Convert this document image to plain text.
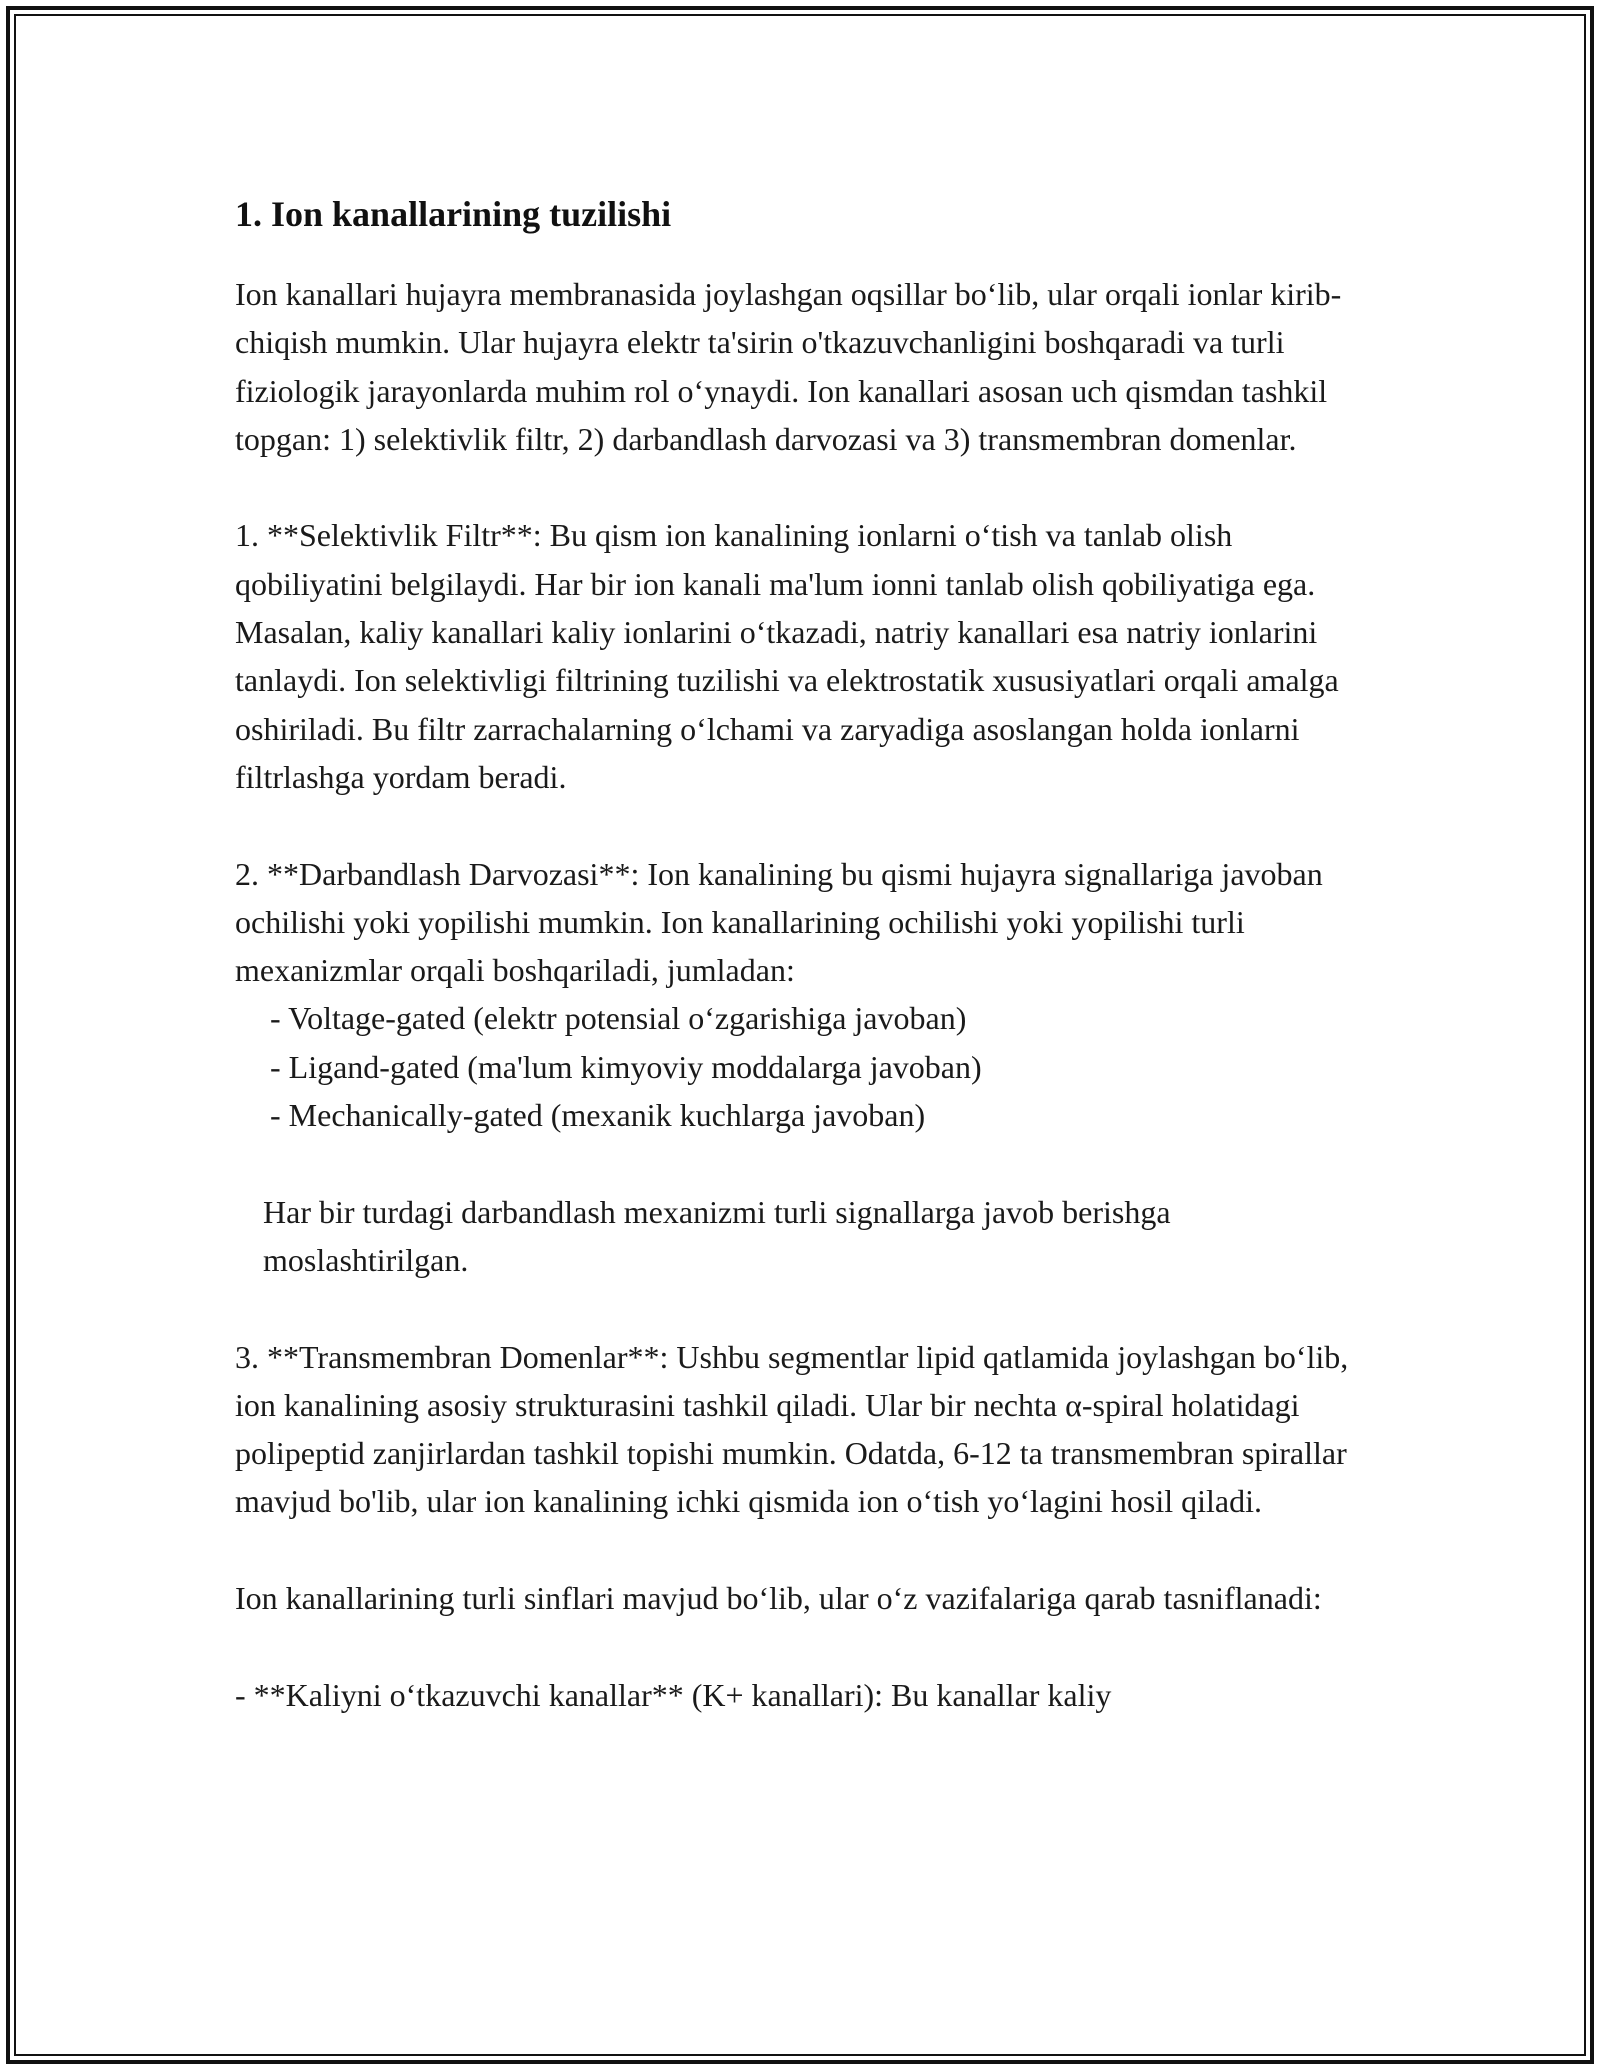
1. Ion kanallarining tuzilishi

Ion kanallari hujayra membranasida joylashgan oqsillar bo‘lib, ular orqali ionlar kirib-chiqish mumkin. Ular hujayra elektr ta'sirin o'tkazuvchanligini boshqaradi va turli fiziologik jarayonlarda muhim rol o‘ynaydi. Ion kanallari asosan uch qismdan tashkil topgan: 1) selektivlik filtr, 2) darbandlash darvozasi va 3) transmembran domenlar.

1. **Selektivlik Filtr**: Bu qism ion kanalining ionlarni o‘tish va tanlab olish qobiliyatini belgilaydi. Har bir ion kanali ma'lum ionni tanlab olish qobiliyatiga ega. Masalan, kaliy kanallari kaliy ionlarini o‘tkazadi, natriy kanallari esa natriy ionlarini tanlaydi. Ion selektivligi filtrining tuzilishi va elektrostatik xususiyatlari orqali amalga oshiriladi. Bu filtr zarrachalarning o‘lchami va zaryadiga asoslangan holda ionlarni filtrlashga yordam beradi.

2. **Darbandlash Darvozasi**: Ion kanalining bu qismi hujayra signallariga javoban ochilishi yoki yopilishi mumkin. Ion kanallarining ochilishi yoki yopilishi turli mexanizmlar orqali boshqariladi, jumladan:

- Voltage-gated (elektr potensial o‘zgarishiga javoban)

- Ligand-gated (ma'lum kimyoviy moddalarga javoban)

- Mechanically-gated (mexanik kuchlarga javoban)

Har bir turdagi darbandlash mexanizmi turli signallarga javob berishga moslashtirilgan.

3. **Transmembran Domenlar**: Ushbu segmentlar lipid qatlamida joylashgan bo‘lib, ion kanalining asosiy strukturasini tashkil qiladi. Ular bir nechta α-spiral holatidagi polipeptid zanjirlardan tashkil topishi mumkin. Odatda, 6-12 ta transmembran spirallar mavjud bo'lib, ular ion kanalining ichki qismida ion o‘tish yo‘lagini hosil qiladi.

Ion kanallarining turli sinflari mavjud bo‘lib, ular o‘z vazifalariga qarab tasniflanadi:

- **Kaliyni o‘tkazuvchi kanallar** (K+ kanallari): Bu kanallar kaliy
